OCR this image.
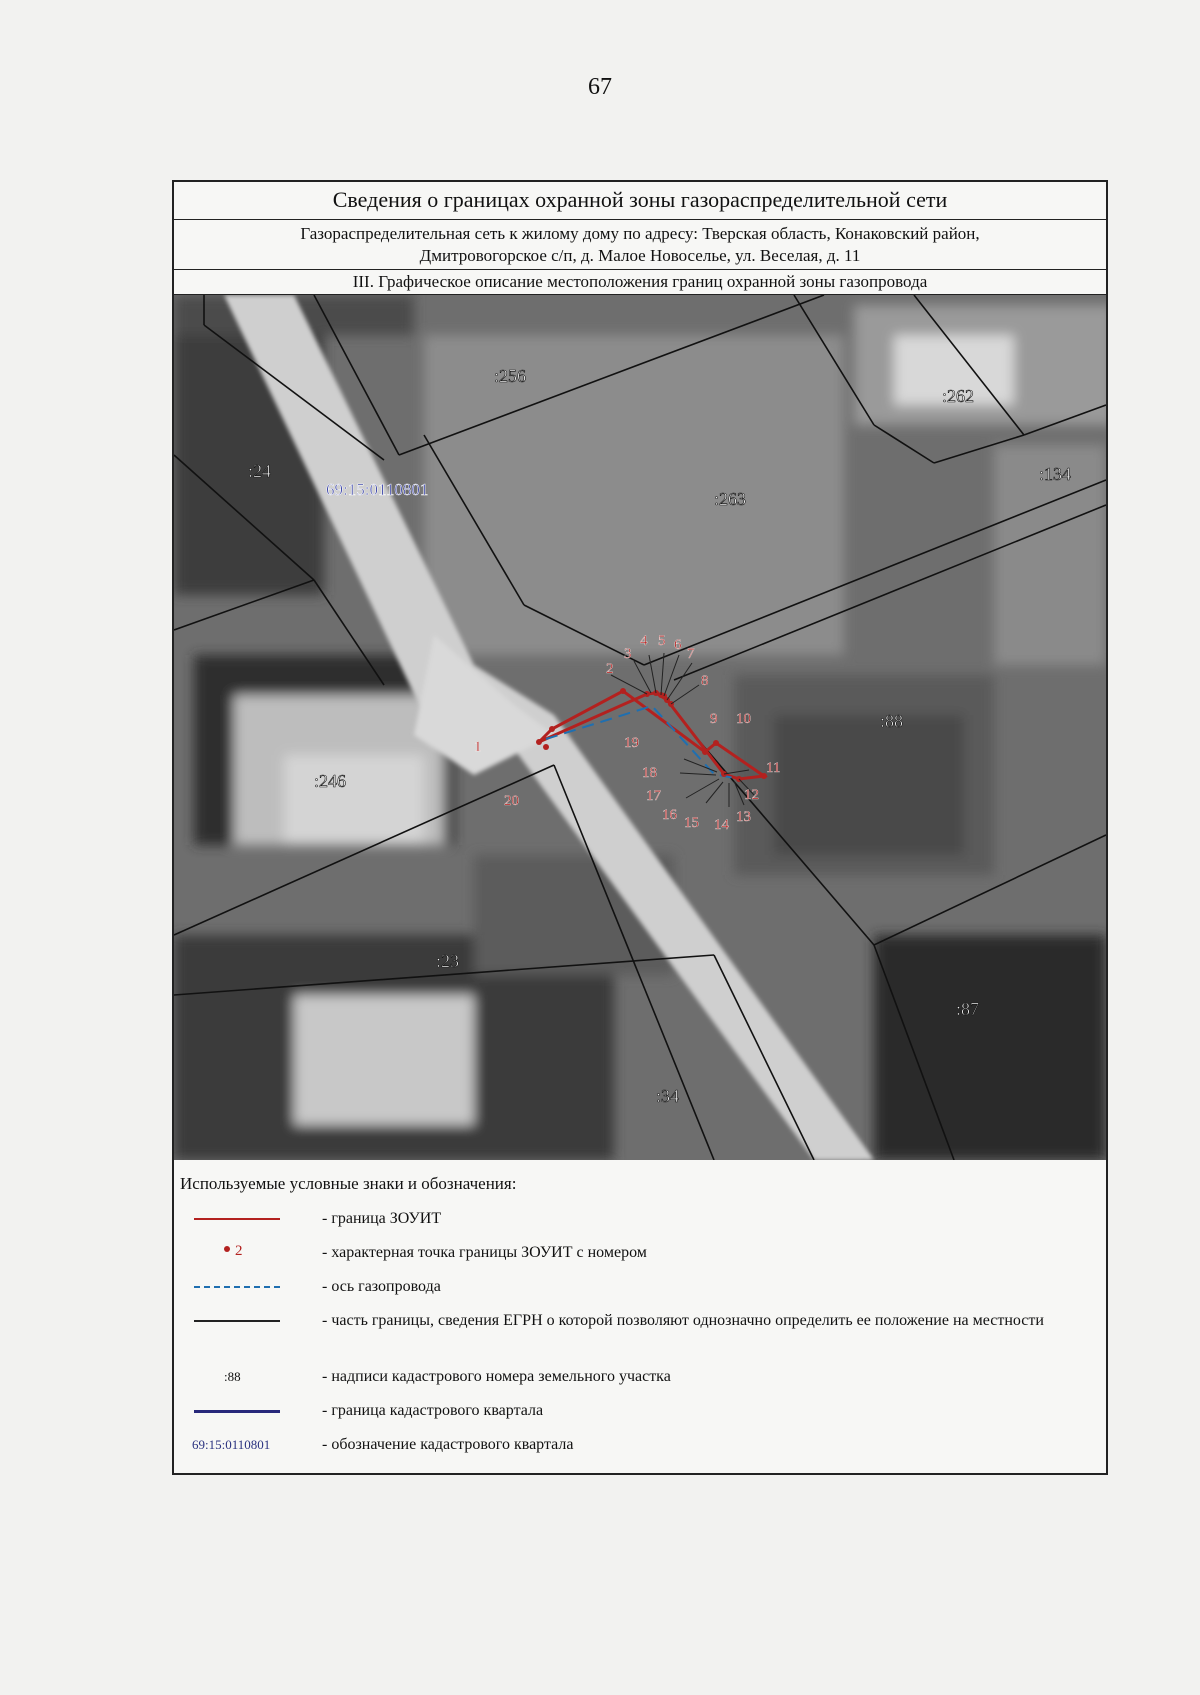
67
Сведения о границах охранной зоны газораспределительной сети
Газораспределительная сеть к жилому дому по адресу: Тверская область, Конаковский район,
Дмитровогорское с/п, д. Малое Новоселье, ул. Веселая, д. 11
III. Графическое описание местоположения границ охранной зоны газопровода
:256
:262
:24
:263
:134
:88
:246
:23
:87
:34
69:15:0110801
1
2
3
4 5 6
7
8
9 10
11
12
13
14
15
16
17
18
19
20
Используемые условные знаки и обозначения:
- граница ЗОУИТ
2	- характерная точка границы ЗОУИТ с номером
- ось газопровода
- часть границы, сведения ЕГРН о которой позволяют однозначно определить ее положение на местности
:88	- надписи кадастрового номера земельного участка
- граница кадастрового квартала
69:15:0110801	- обозначение кадастрового квартала
